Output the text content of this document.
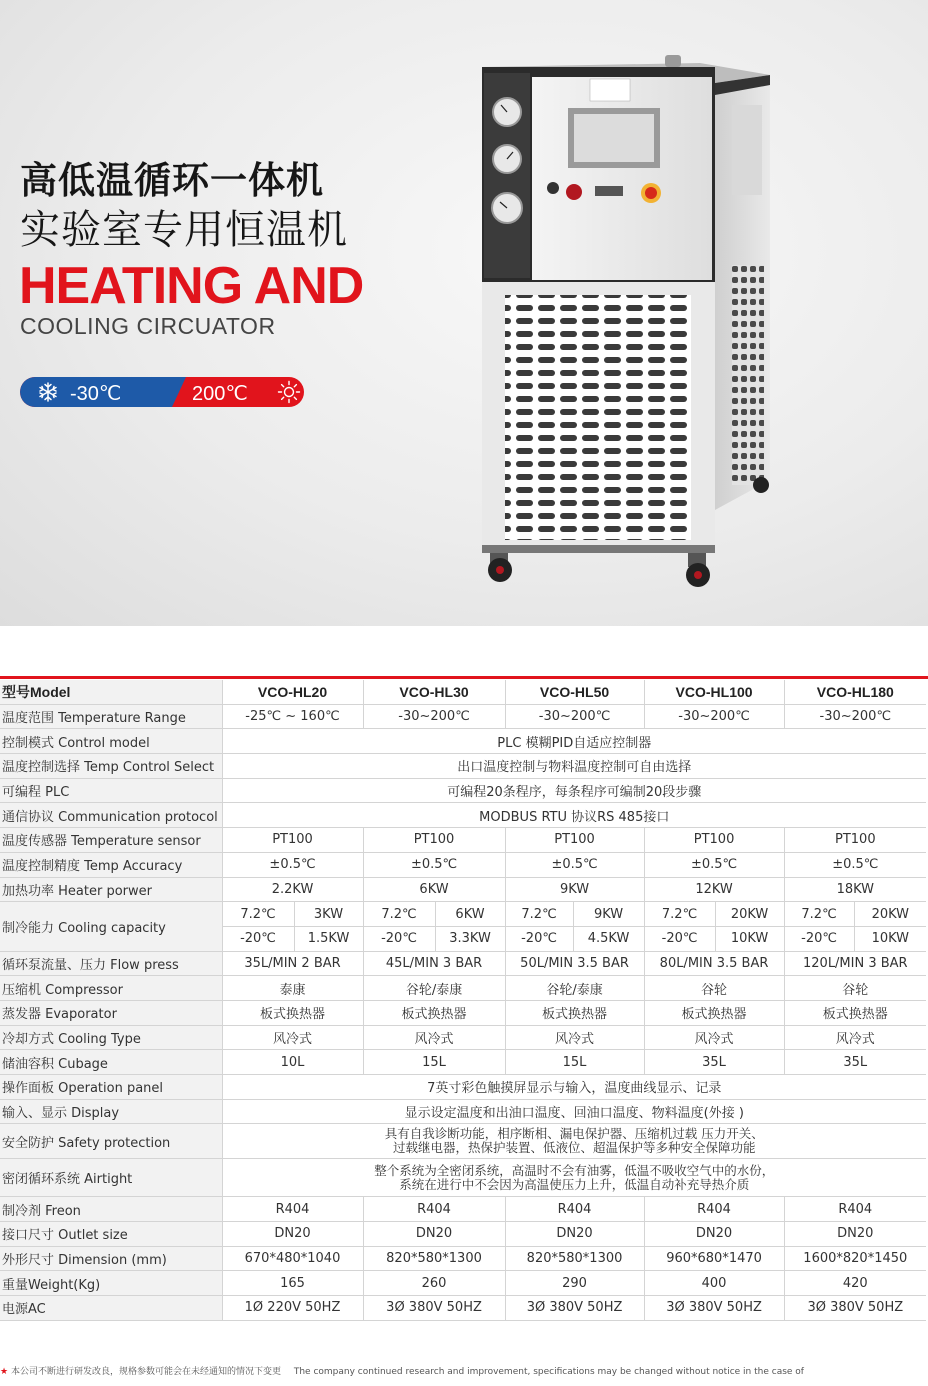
高低温循环一体机
实验室专用恒温机
HEATING AND
COOLING CIRCUATOR
-30℃	200℃
型号Model	VCO-HL20		VCO-HL30		VCO-HL50		VCO-HL100		VCO-HL180	
温度范围 Temperature Range	-25℃ ~ 160℃		-30~200℃		-30~200℃		-30~200℃		-30~200℃	
控制模式 Control model	PLC 模糊PID自适应控制器									
温度控制选择 Temp Control Select	出口温度控制与物料温度控制可自由选择									
可编程 PLC	可编程20条程序，每条程序可编制20段步骤									
通信协议 Communication protocol	MODBUS RTU 协议RS 485接口									
温度传感器 Temperature sensor	PT100		PT100		PT100		PT100		PT100	
温度控制精度 Temp Accuracy	±0.5℃		±0.5℃		±0.5℃		±0.5℃		±0.5℃	
加热功率 Heater porwer	2.2KW		6KW		9KW		12KW		18KW	
制冷能力 Cooling capacity	7.2℃	3KW	7.2℃	6KW	7.2℃	9KW	7.2℃	20KW	7.2℃	20KW
	-20℃	1.5KW	-20℃	3.3KW	-20℃	4.5KW	-20℃	10KW	-20℃	10KW
循环泵流量、压力 Flow press	35L/MIN 2 BAR		45L/MIN 3 BAR		50L/MIN 3.5 BAR		80L/MIN 3.5 BAR		120L/MIN 3 BAR	
压缩机 Compressor	泰康		谷轮/泰康		谷轮/泰康		谷轮		谷轮	
蒸发器 Evaporator	板式换热器		板式换热器		板式换热器		板式换热器		板式换热器	
冷却方式 Cooling Type	风冷式		风冷式		风冷式		风冷式		风冷式	
储油容积 Cubage	10L		15L		15L		35L		35L	
操作面板 Operation panel	7英寸彩色触摸屏显示与输入，温度曲线显示、记录									
输入、显示 Display	显示设定温度和出油口温度、回油口温度、物料温度(外接 )									
安全防护 Safety protection	具有自我诊断功能，相序断相、漏电保护器、压缩机过载 压力开关、
过载继电器，热保护装置、低液位、超温保护等多种安全保障功能									

密闭循环系统 Airtight	整个系统为全密闭系统，高温时不会有油雾，低温不吸收空气中的水份，
系统在进行中不会因为高温使压力上升，低温自动补充导热介质									

制冷剂 Freon	R404		R404		R404		R404		R404	
接口尺寸 Outlet size	DN20		DN20		DN20		DN20		DN20	
外形尺寸 Dimension (mm)	670*480*1040		820*580*1300		820*580*1300		960*680*1470		1600*820*1450	
重量Weight(Kg)	165		260		290		400		420	
电源AC	1Ø 220V 50HZ		3Ø 380V 50HZ		3Ø 380V 50HZ		3Ø 380V 50HZ		3Ø 380V 50HZ	
★ 本公司不断进行研发改良，规格参数可能会在未经通知的情况下变更 The company continued research and improvement, specifications may be changed without notice in the case of
